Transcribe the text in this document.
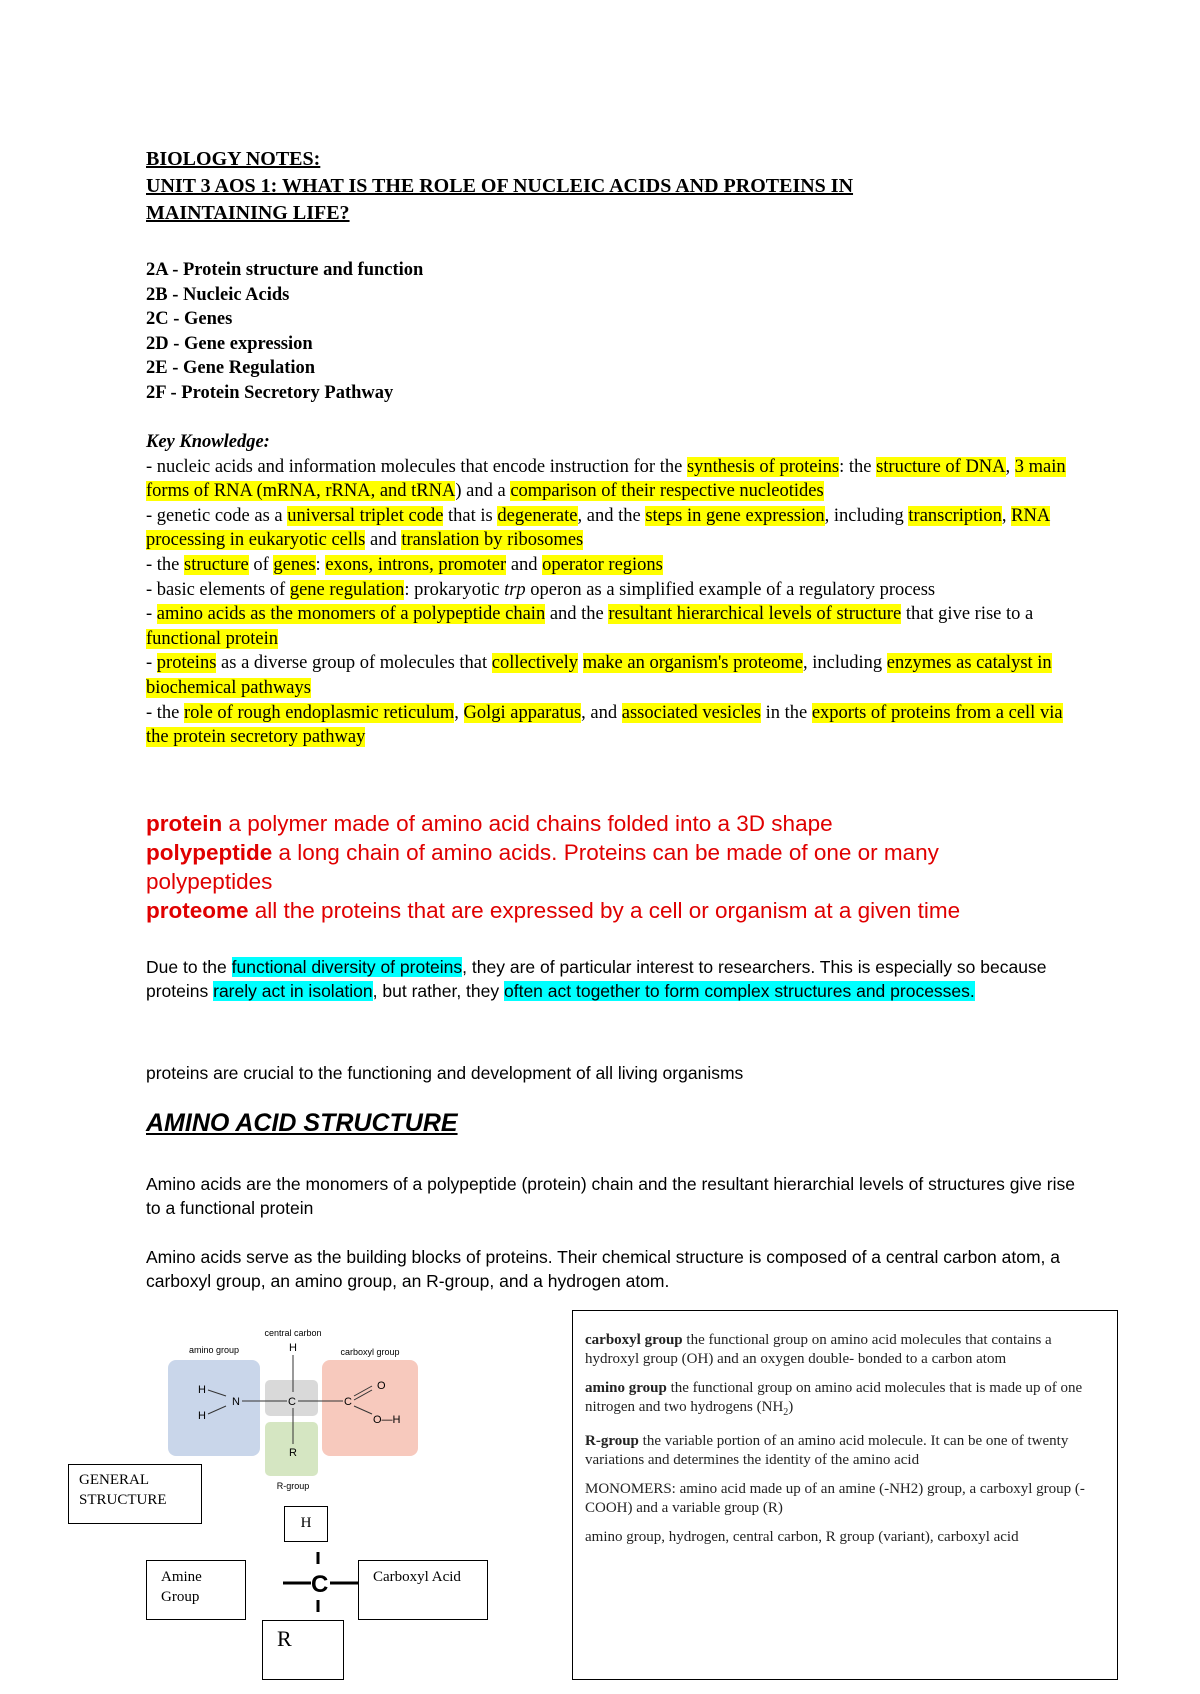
BIOLOGY NOTES:
UNIT 3 AOS 1: WHAT IS THE ROLE OF NUCLEIC ACIDS AND PROTEINS IN
MAINTAINING LIFE?
2A - Protein structure and function
2B - Nucleic Acids
2C - Genes
2D - Gene expression
2E - Gene Regulation
2F - Protein Secretory Pathway
Key Knowledge:
- nucleic acids and information molecules that encode instruction for the synthesis of proteins: the structure of DNA, 3 main forms of RNA (mRNA, rRNA, and tRNA) and a comparison of their respective nucleotides
- genetic code as a universal triplet code that is degenerate, and the steps in gene expression, including transcription, RNA processing in eukaryotic cells and translation by ribosomes
- the structure of genes: exons, introns, promoter and operator regions
- basic elements of gene regulation: prokaryotic trp operon as a simplified example of a regulatory process
- amino acids as the monomers of a polypeptide chain and the resultant hierarchical levels of structure that give rise to a functional protein
- proteins as a diverse group of molecules that collectively make an organism's proteome, including enzymes as catalyst in biochemical pathways
- the role of rough endoplasmic reticulum, Golgi apparatus, and associated vesicles in the exports of proteins from a cell via the protein secretory pathway
protein a polymer made of amino acid chains folded into a 3D shape
polypeptide a long chain of amino acids. Proteins can be made of one or many polypeptides
proteome all the proteins that are expressed by a cell or organism at a given time
Due to the functional diversity of proteins, they are of particular interest to researchers. This is especially so because proteins rarely act in isolation, but rather, they often act together to form complex structures and processes.
proteins are crucial to the functioning and development of all living organisms
AMINO ACID STRUCTURE
Amino acids are the monomers of a polypeptide (protein) chain and the resultant hierarchial levels of structures give rise to a functional protein
Amino acids serve as the building blocks of proteins. Their chemical structure is composed of a central carbon atom, a carboxyl group, an amino group, an R-group, and a hydrogen atom.
central carbon
amino group	carboxyl group
R-group
H
H
H
N	C
R
C
O
O—H
C
GENERAL STRUCTURE
H
Amine Group
Carboxyl Acid
R

carboxyl group the functional group on amino acid molecules that contains a hydroxyl group (OH) and an oxygen double- bonded to a carbon atom

amino group the functional group on amino acid molecules that is made up of one nitrogen and two hydrogens $(NH_2)$

R-group the variable portion of an amino acid molecule. It can be one of twenty variations and determines the identity of the amino acid

MONOMERS: amino acid made up of an amine (-NH2) group, a carboxyl group (-COOH) and a variable group (R)

amino group, hydrogen, central carbon, R group (variant), carboxyl acid
